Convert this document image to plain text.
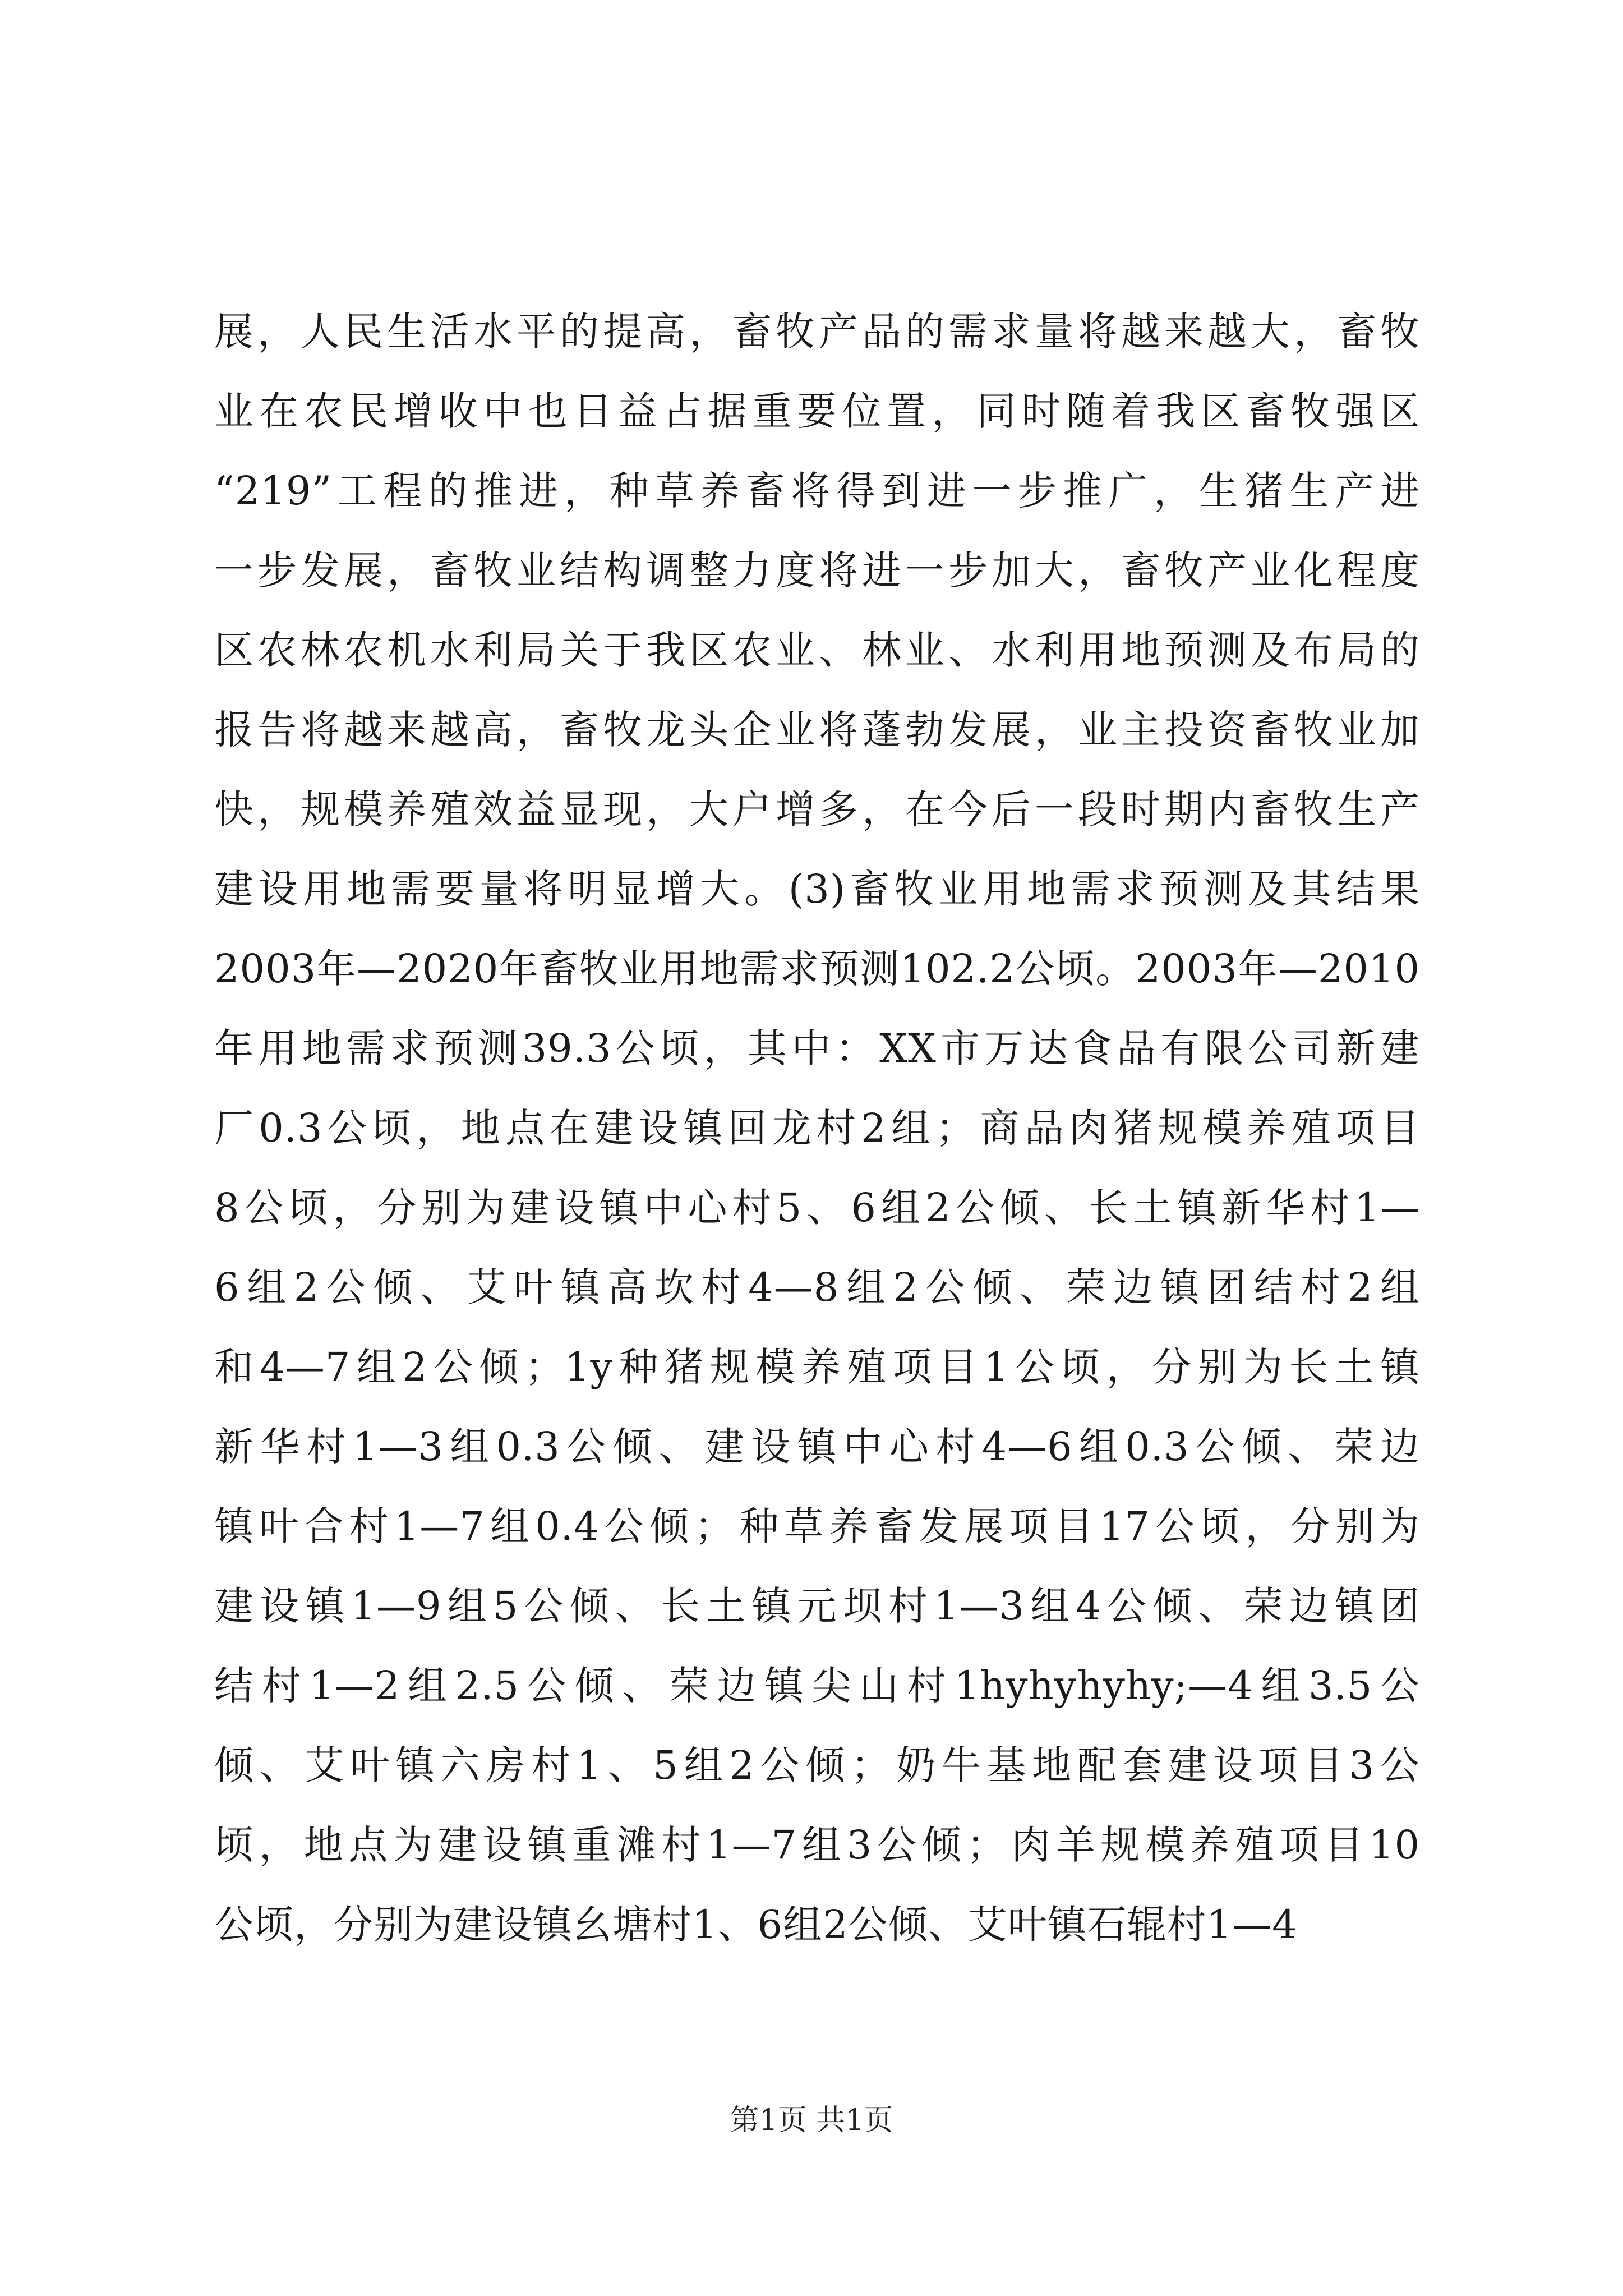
展，人民生活水平的提高，畜牧产品的需求量将越来越大，畜牧
业在农民增收中也日益占据重要位置，同时随着我区畜牧强区
“219”工程的推进，种草养畜将得到进一步推广，生猪生产进
一步发展，畜牧业结构调整力度将进一步加大，畜牧产业化程度
区农林农机水利局关于我区农业、林业、水利用地预测及布局的
报告将越来越高，畜牧龙头企业将蓬勃发展，业主投资畜牧业加
快，规模养殖效益显现，大户增多，在今后一段时期内畜牧生产
建设用地需要量将明显增大。(3)畜牧业用地需求预测及其结果
2003年—2020年畜牧业用地需求预测102.2公顷。2003年—2010
年用地需求预测39.3公顷，其中：XX市万达食品有限公司新建
厂0.3公顷，地点在建设镇回龙村2组；商品肉猪规模养殖项目
8公顷，分别为建设镇中心村5、6组2公倾、长土镇新华村1—
6组2公倾、艾叶镇高坎村4—8组2公倾、荣边镇团结村2组
和4—7组2公倾；1y种猪规模养殖项目1公顷，分别为长土镇
新华村1—3组0.3公倾、建设镇中心村4—6组0.3公倾、荣边
镇叶合村1—7组0.4公倾；种草养畜发展项目17公顷，分别为
建设镇1—9组5公倾、长土镇元坝村1—3组4公倾、荣边镇团
结村1—2组2.5公倾、荣边镇尖山村1hyhyhyhy;—4组3.5公
倾、艾叶镇六房村1、5组2公倾；奶牛基地配套建设项目3公
顷，地点为建设镇重滩村1—7组3公倾；肉羊规模养殖项目10
公顷，分别为建设镇幺塘村1、6组2公倾、艾叶镇石辊村1—4
第1页 共1页
